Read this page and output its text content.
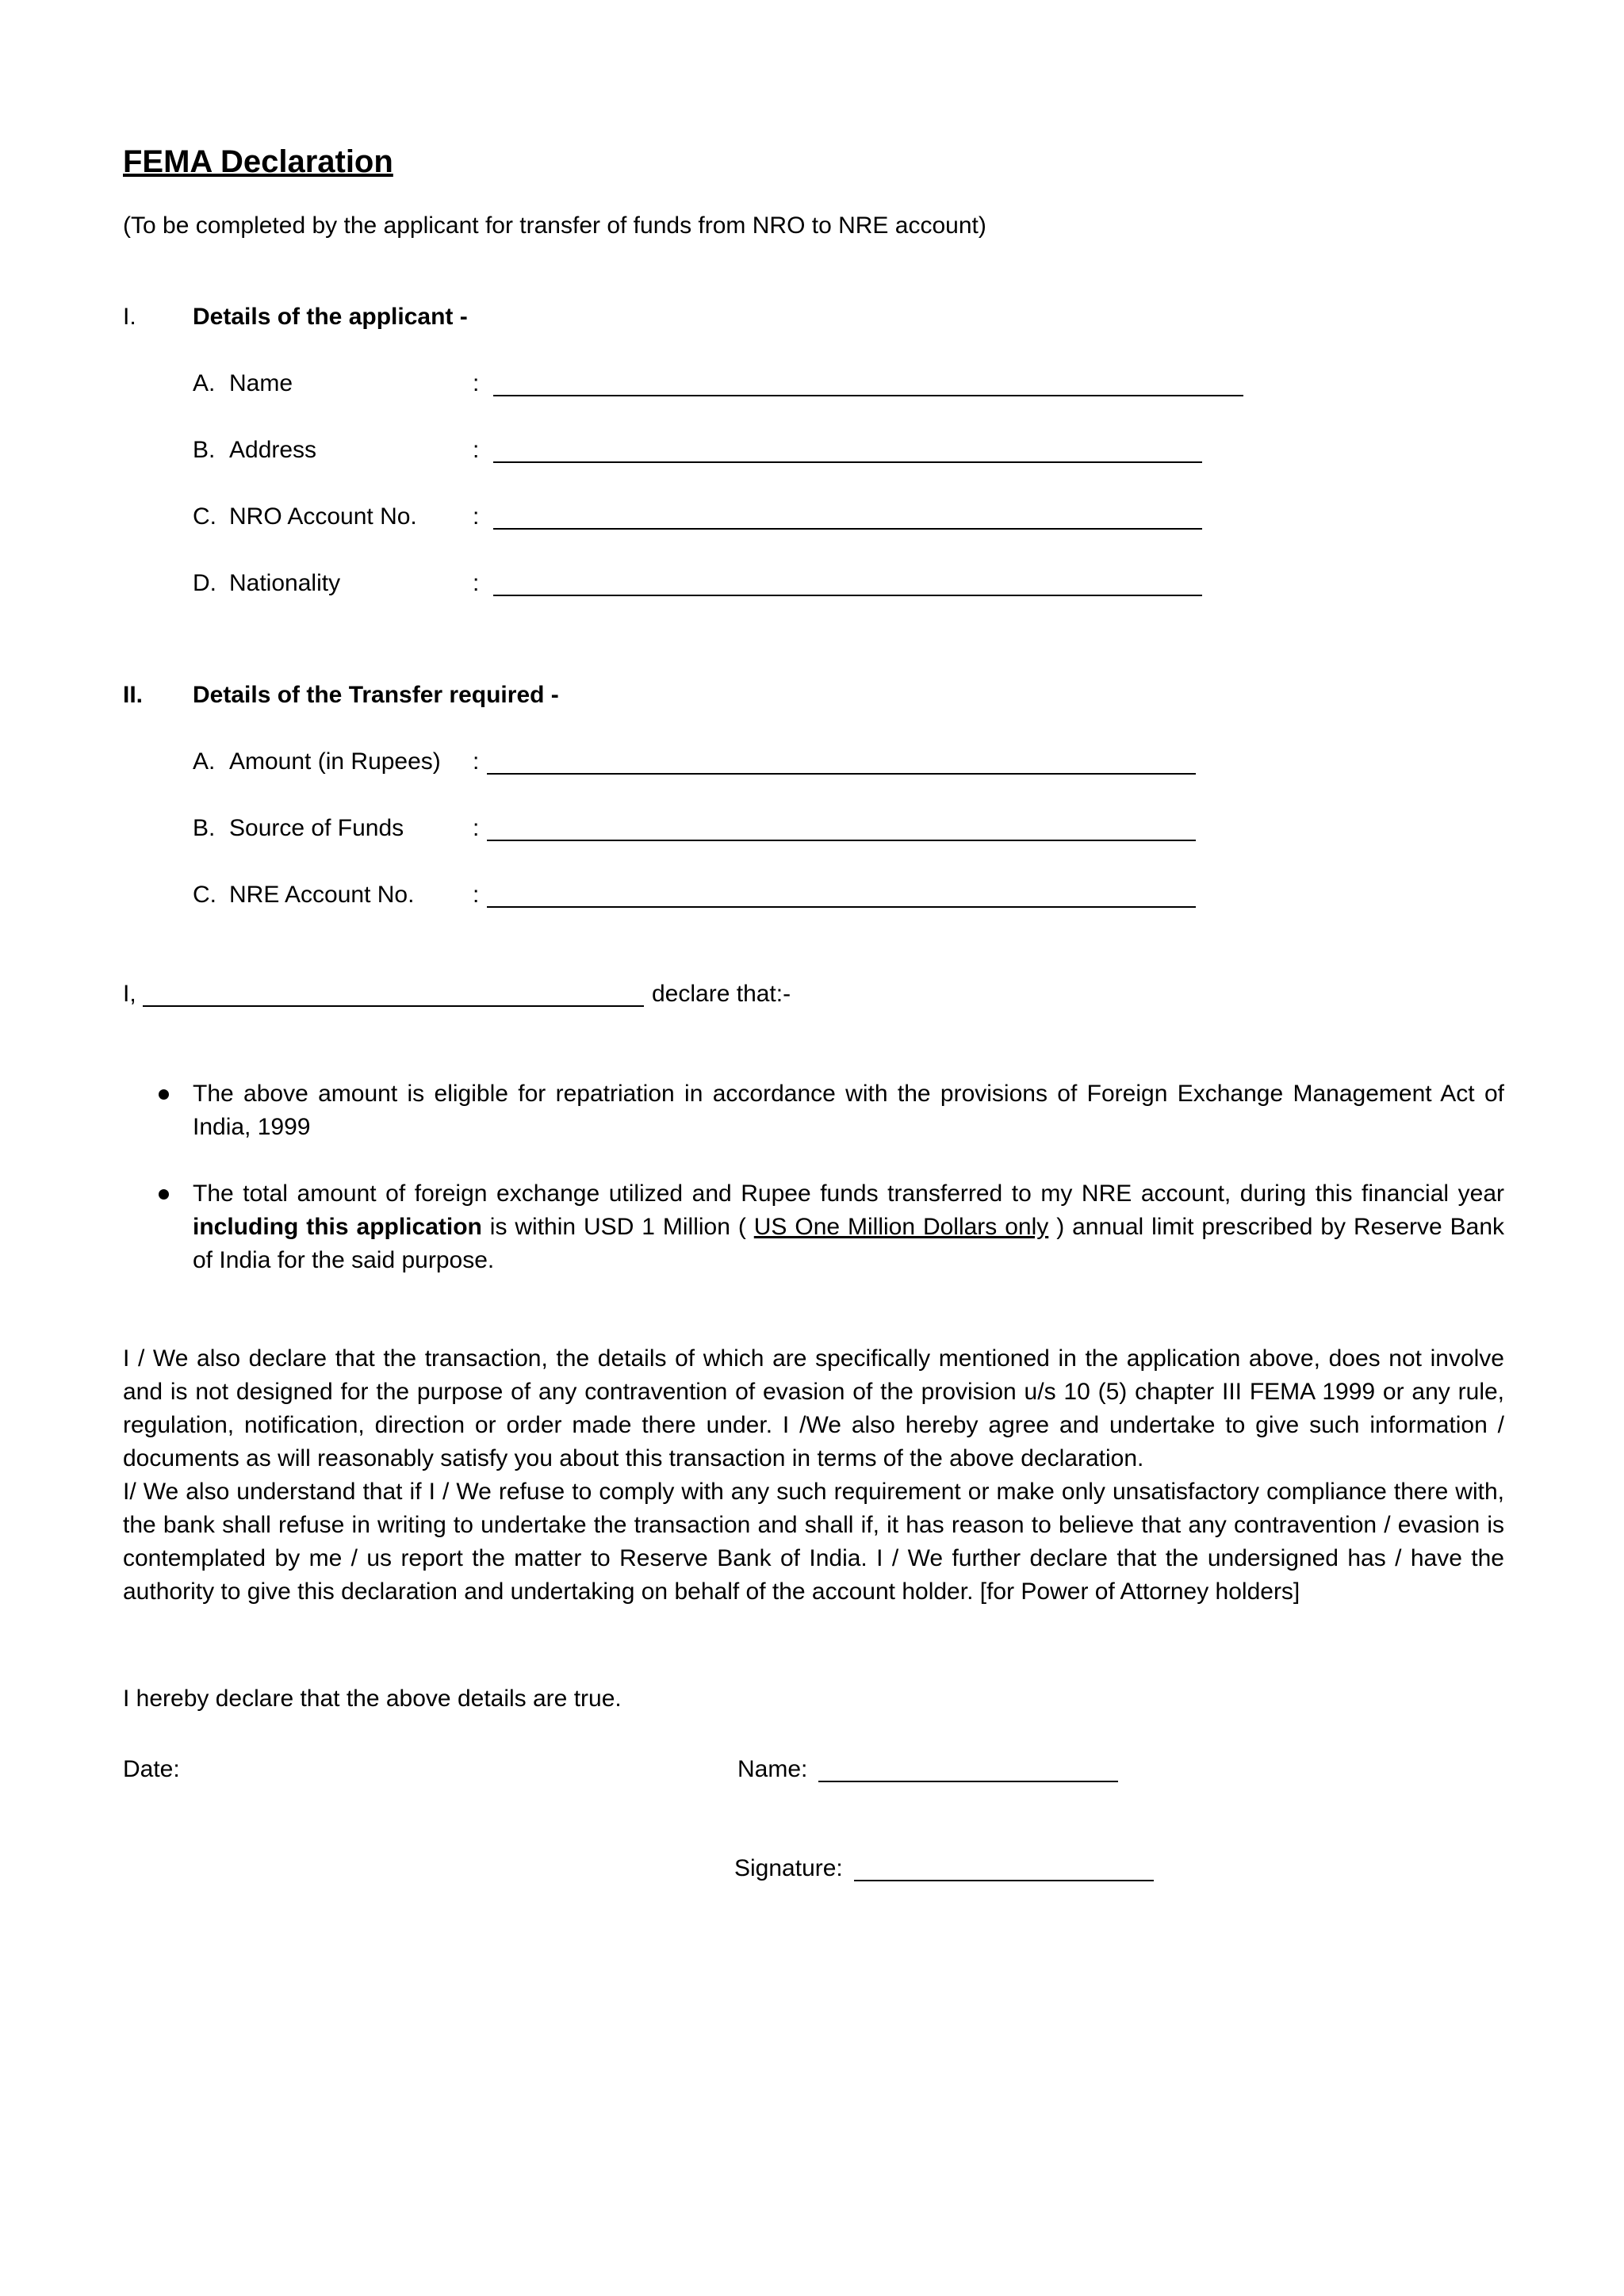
FEMA Declaration
(To be completed by the applicant for transfer of funds from NRO to NRE account)
I. Details of the applicant -
A. Name	:
B. Address	:
C. NRO Account No. :
D. Nationality	:
II. Details of the Transfer required -
A. Amount (in Rupees) :
B. Source of Funds	:
C. NRE Account No. :
I,	declare that:-
The above amount is eligible for repatriation in accordance with the provisions of Foreign Exchange Management Act of India, 1999
The total amount of foreign exchange utilized and Rupee funds transferred to my NRE account, during this financial year including this application is within USD 1 Million ( US One Million Dollars only ) annual limit prescribed by Reserve Bank of India for the said purpose.
I / We also declare that the transaction, the details of which are specifically mentioned in the application above, does not involve and is not designed for the purpose of any contravention of evasion of the provision u/s 10 (5) chapter III FEMA 1999 or any rule, regulation, notification, direction or order made there under. I /We also hereby agree and undertake to give such information / documents as will reasonably satisfy you about this transaction in terms of the above declaration.
I/ We also understand that if I / We refuse to comply with any such requirement or make only unsatisfactory compliance there with, the bank shall refuse in writing to undertake the transaction and shall if, it has reason to believe that any contravention / evasion is contemplated by me / us report the matter to Reserve Bank of India. I / We further declare that the undersigned has / have the authority to give this declaration and undertaking on behalf of the account holder. [for Power of Attorney holders]
I hereby declare that the above details are true.
Date:	Name:
Signature:
